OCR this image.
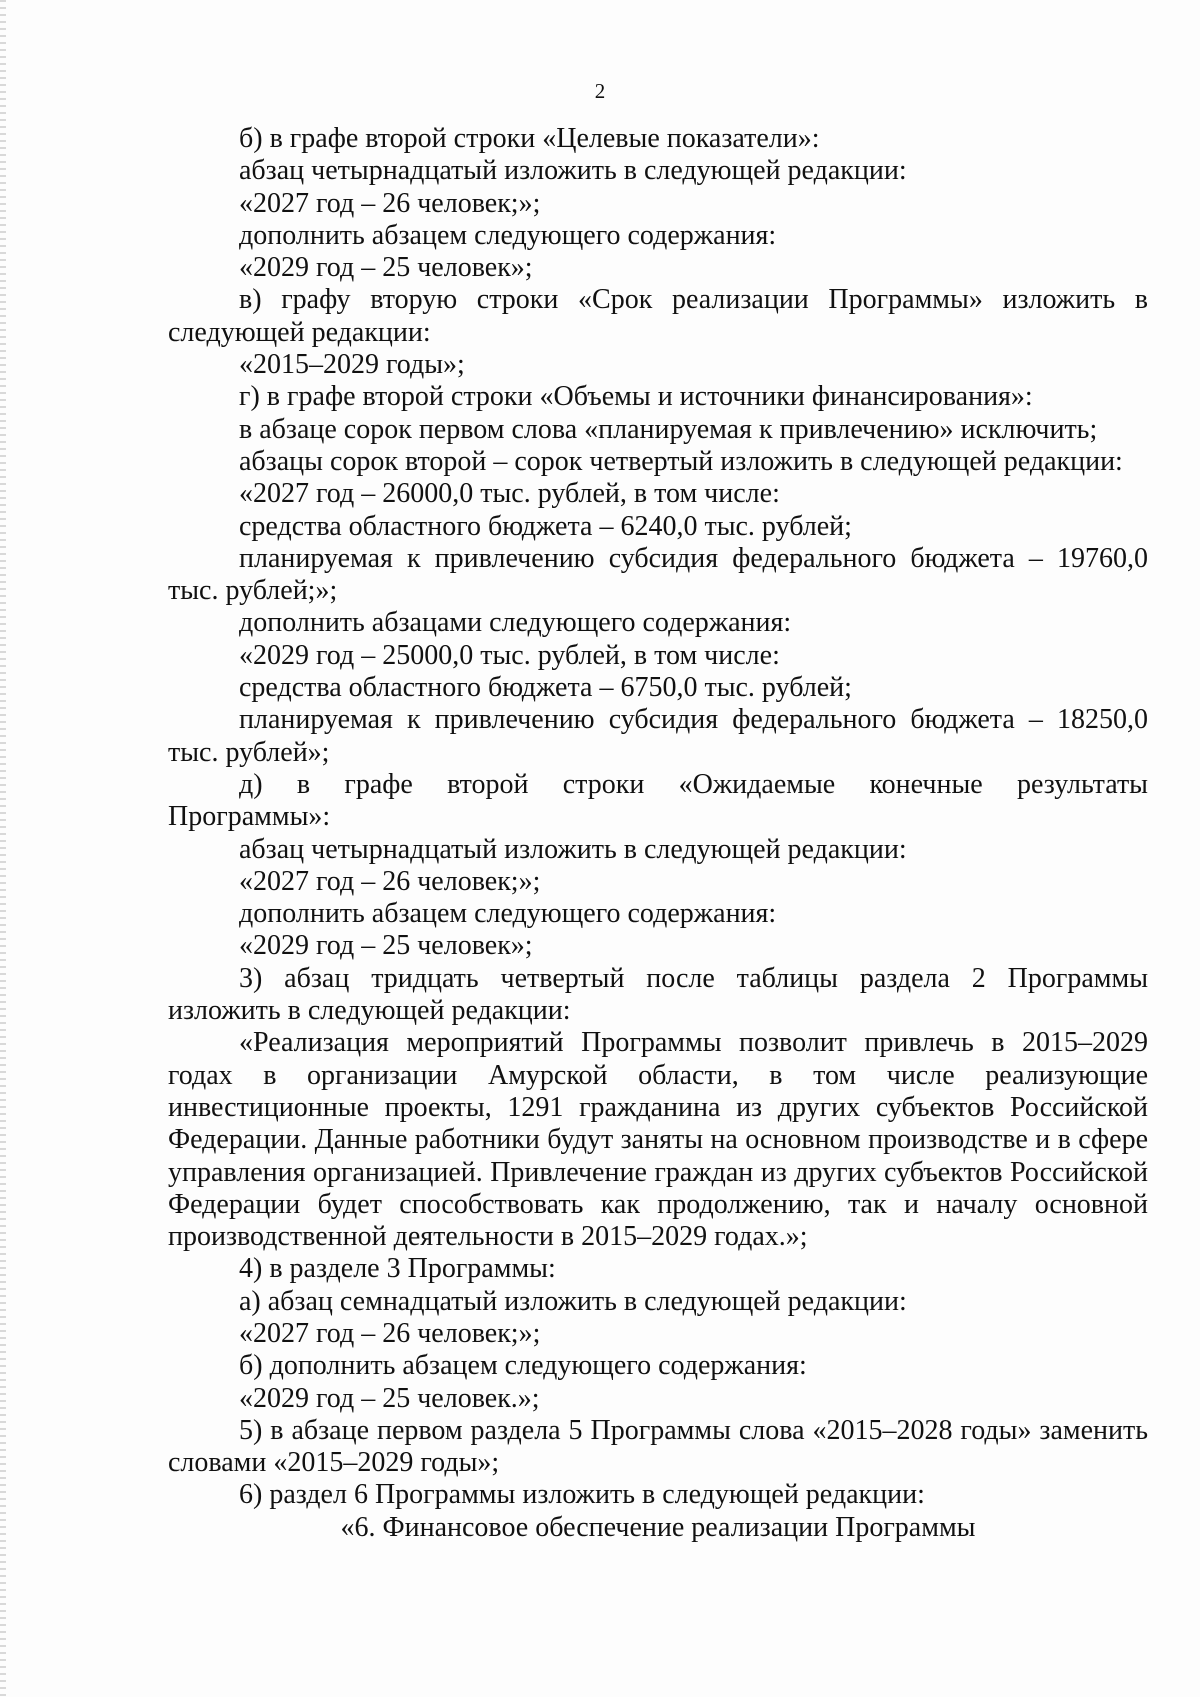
2

б) в графе второй строки «Целевые показатели»:

абзац четырнадцатый изложить в следующей редакции:

«2027 год – 26 человек;»;

дополнить абзацем следующего содержания:

«2029 год – 25 человек»;

в) графу вторую строки «Срок реализации Программы» изложить в следующей редакции:

«2015–2029 годы»;

г) в графе второй строки «Объемы и источники финансирования»:

в абзаце сорок первом слова «планируемая к привлечению» исключить;

абзацы сорок второй – сорок четвертый изложить в следующей редакции:

«2027 год – 26000,0 тыс. рублей, в том числе:

средства областного бюджета – 6240,0 тыс. рублей;

планируемая к привлечению субсидия федерального бюджета – 19760,0 тыс. рублей;»;

дополнить абзацами следующего содержания:

«2029 год – 25000,0 тыс. рублей, в том числе:

средства областного бюджета – 6750,0 тыс. рублей;

планируемая к привлечению субсидия федерального бюджета – 18250,0 тыс. рублей»;

д) в графе второй строки «Ожидаемые конечные результаты Программы»:

абзац четырнадцатый изложить в следующей редакции:

«2027 год – 26 человек;»;

дополнить абзацем следующего содержания:

«2029 год – 25 человек»;

3) абзац тридцать четвертый после таблицы раздела 2 Программы изложить в следующей редакции:

«Реализация мероприятий Программы позволит привлечь в 2015–2029 годах в организации Амурской области, в том числе реализующие инвестиционные проекты, 1291 гражданина из других субъектов Российской Федерации. Данные работники будут заняты на основном производстве и в сфере управления организацией. Привлечение граждан из других субъектов Российской Федерации будет способствовать как продолжению, так и началу основной производственной деятельности в 2015–2029 годах.»;

4) в разделе 3 Программы:

а) абзац семнадцатый изложить в следующей редакции:

«2027 год – 26 человек;»;

б) дополнить абзацем следующего содержания:

«2029 год – 25 человек.»;

5) в абзаце первом раздела 5 Программы слова «2015–2028 годы» заменить словами «2015–2029 годы»;

6) раздел 6 Программы изложить в следующей редакции:

«6. Финансовое обеспечение реализации Программы
